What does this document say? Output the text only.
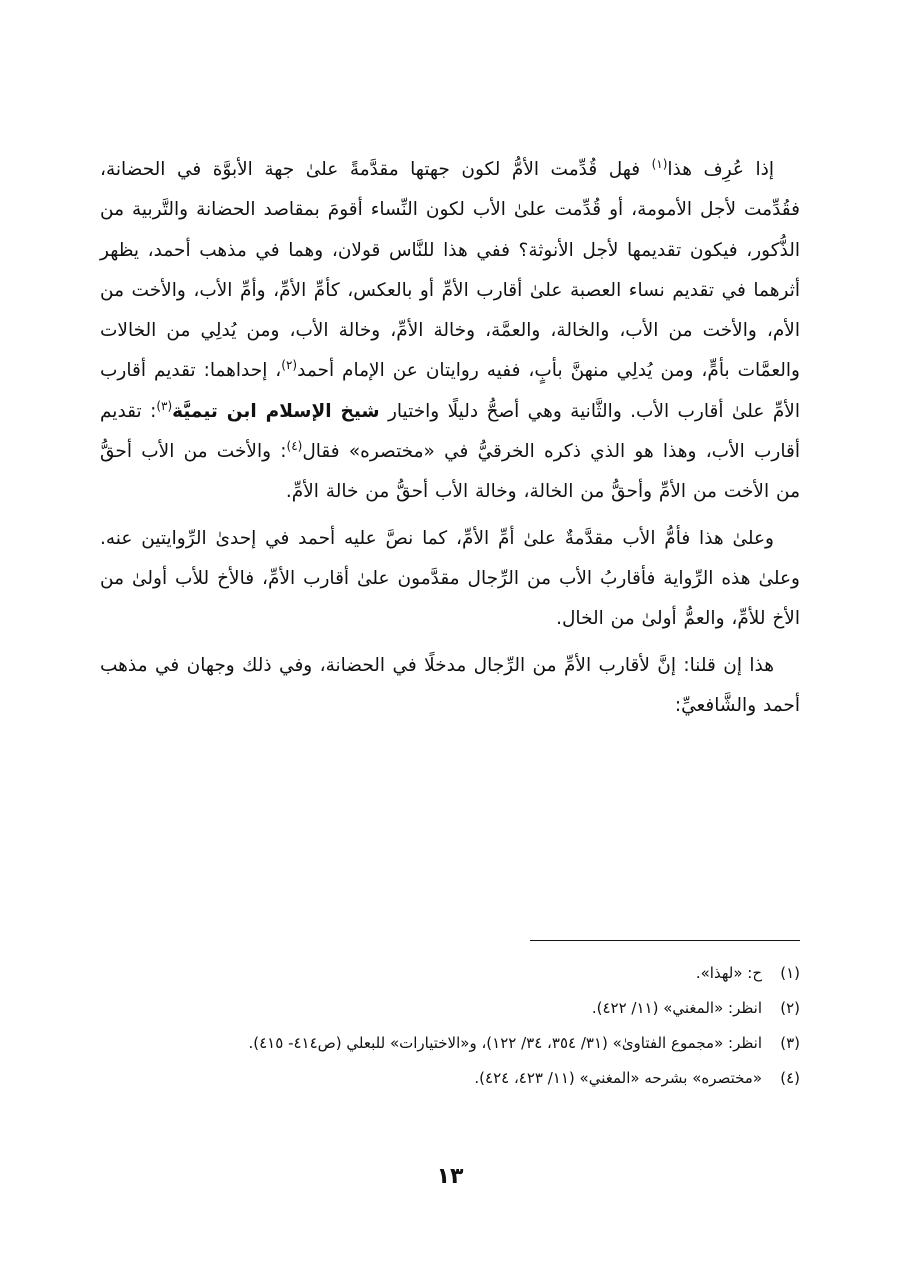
إذا عُرِف هذا$^{(١)}$ فهل قُدِّمت الأمُّ لكون جهتها مقدَّمةً علىٰ جهة الأبوَّة في الحضانة، فقُدِّمت لأجل الأمومة، أو قُدِّمت علىٰ الأب لكون النِّساء أقومَ بمقاصد الحضانة والتَّربية من الذُّكور، فيكون تقديمها لأجل الأنوثة؟ ففي هذا للنَّاس قولان، وهما في مذهب أحمد، يظهر أثرهما في تقديم نساء العصبة علىٰ أقارب الأمِّ أو بالعكس، كأمِّ الأمِّ، وأمِّ الأب، والأخت من الأم، والأخت من الأب، والخالة، والعمَّة، وخالة الأمِّ، وخالة الأب، ومن يُدلِي من الخالات والعمَّات بأمٍّ، ومن يُدلِي منهنَّ بأبٍ، ففيه روايتان عن الإمام أحمد$^{(٢)}$، إحداهما: تقديم أقارب الأمِّ علىٰ أقارب الأب. والثَّانية وهي أصحُّ دليلًا واختيار شيخ الإسلام ابن تيميَّة$^{(٣)}$: تقديم أقارب الأب، وهذا هو الذي ذكره الخرقيُّ في «مختصره» فقال$^{(٤)}$: والأخت من الأب أحقُّ من الأخت من الأمِّ وأحقُّ من الخالة، وخالة الأب أحقُّ من خالة الأمِّ.

وعلىٰ هذا فأمُّ الأب مقدَّمةٌ علىٰ أمِّ الأمِّ، كما نصَّ عليه أحمد في إحدىٰ الرِّوايتين عنه. وعلىٰ هذه الرِّواية فأقاربُ الأب من الرِّجال مقدَّمون علىٰ أقارب الأمِّ، فالأخ للأب أولىٰ من الأخ للأمِّ، والعمُّ أولىٰ من الخال.

هذا إن قلنا: إنَّ لأقارب الأمِّ من الرِّجال مدخلًا في الحضانة، وفي ذلك وجهان في مذهب أحمد والشَّافعيِّ:

(١)
ح: «لهذا».
(٢)
انظر: «المغني» (١١/ ٤٢٢).
(٣)
انظر: «مجموع الفتاوىٰ» (٣١/ ٣٥٤، ٣٤/ ١٢٢)، و«الاختيارات» للبعلي (ص٤١٤- ٤١٥).
(٤)
«مختصره» بشرحه «المغني» (١١/ ٤٢٣، ٤٢٤).
١٣
